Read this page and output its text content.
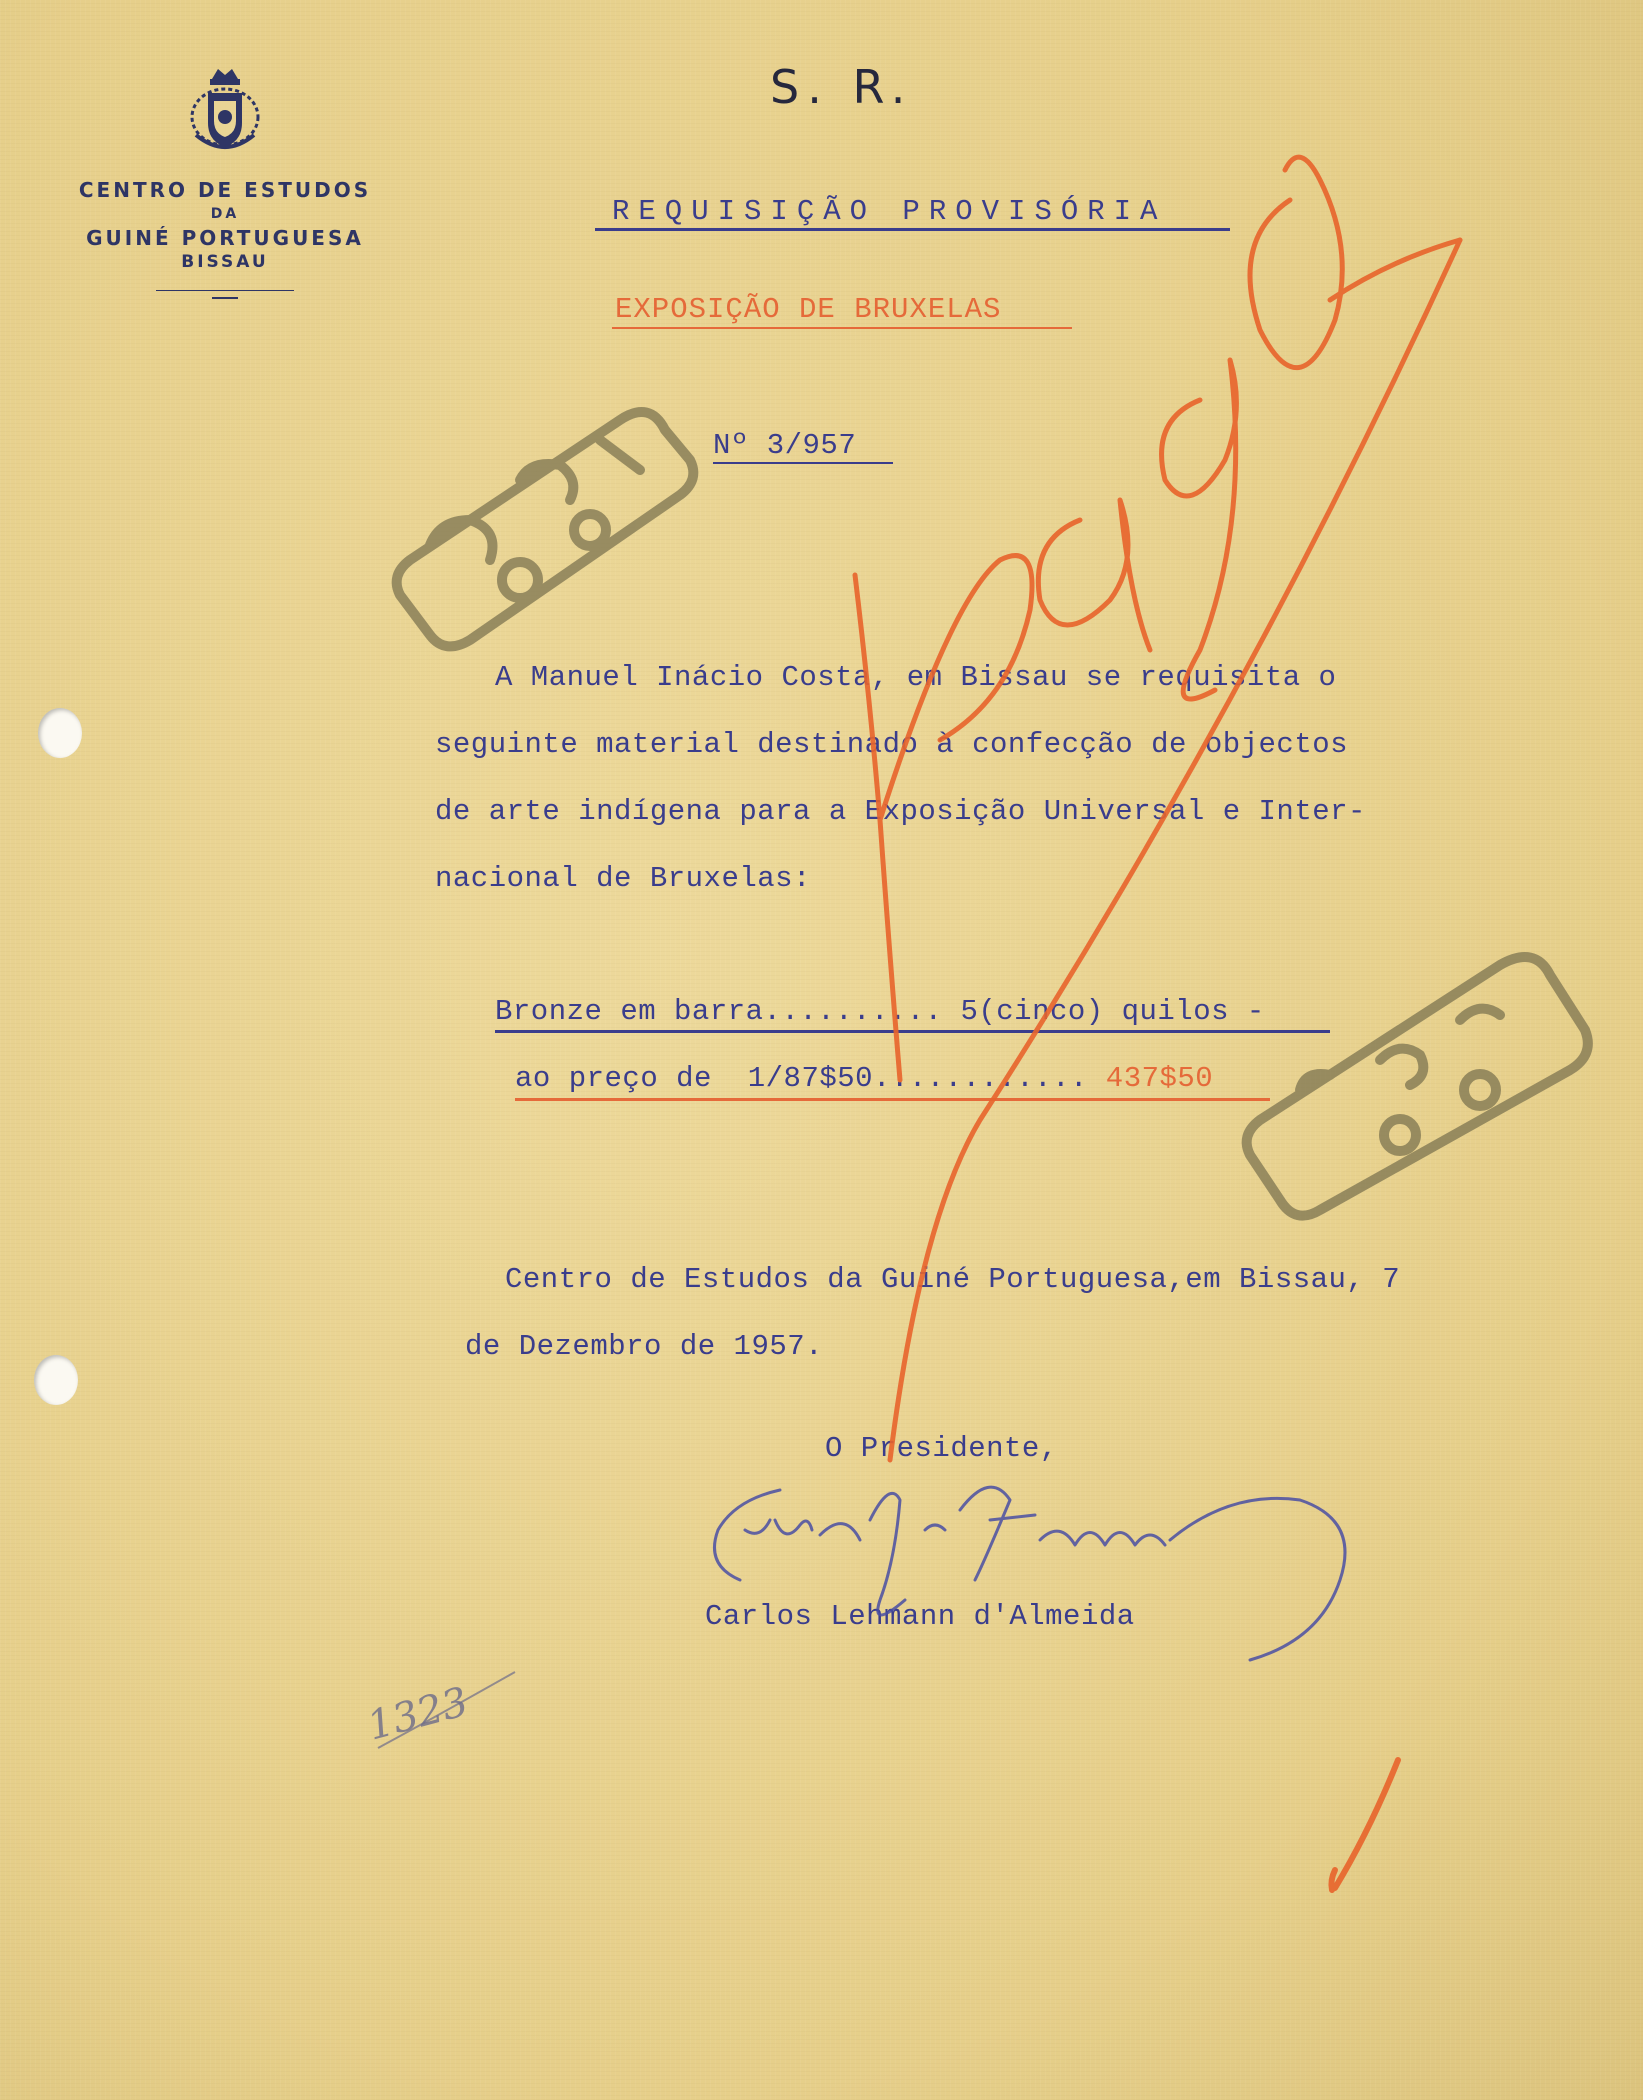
CENTRO DE ESTUDOS
DA
GUINÉ PORTUGUESA
BISSAU
S. R.
REQUISIÇÃO PROVISÓRIA
EXPOSIÇÃO DE BRUXELAS
Nº 3/957
A Manuel Inácio Costa, em Bissau se requisita o
seguinte material destinado à confecção de objectos
de arte indígena para a Exposição Universal e Inter-
nacional de Bruxelas:
Bronze em barra.......... 5(cinco) quilos -
ao preço de  1/87$50............ 437$50
Centro de Estudos da Guiné Portuguesa,em Bissau, 7
de Dezembro de 1957.
O Presidente,
Carlos Lehmann d'Almeida
1323
